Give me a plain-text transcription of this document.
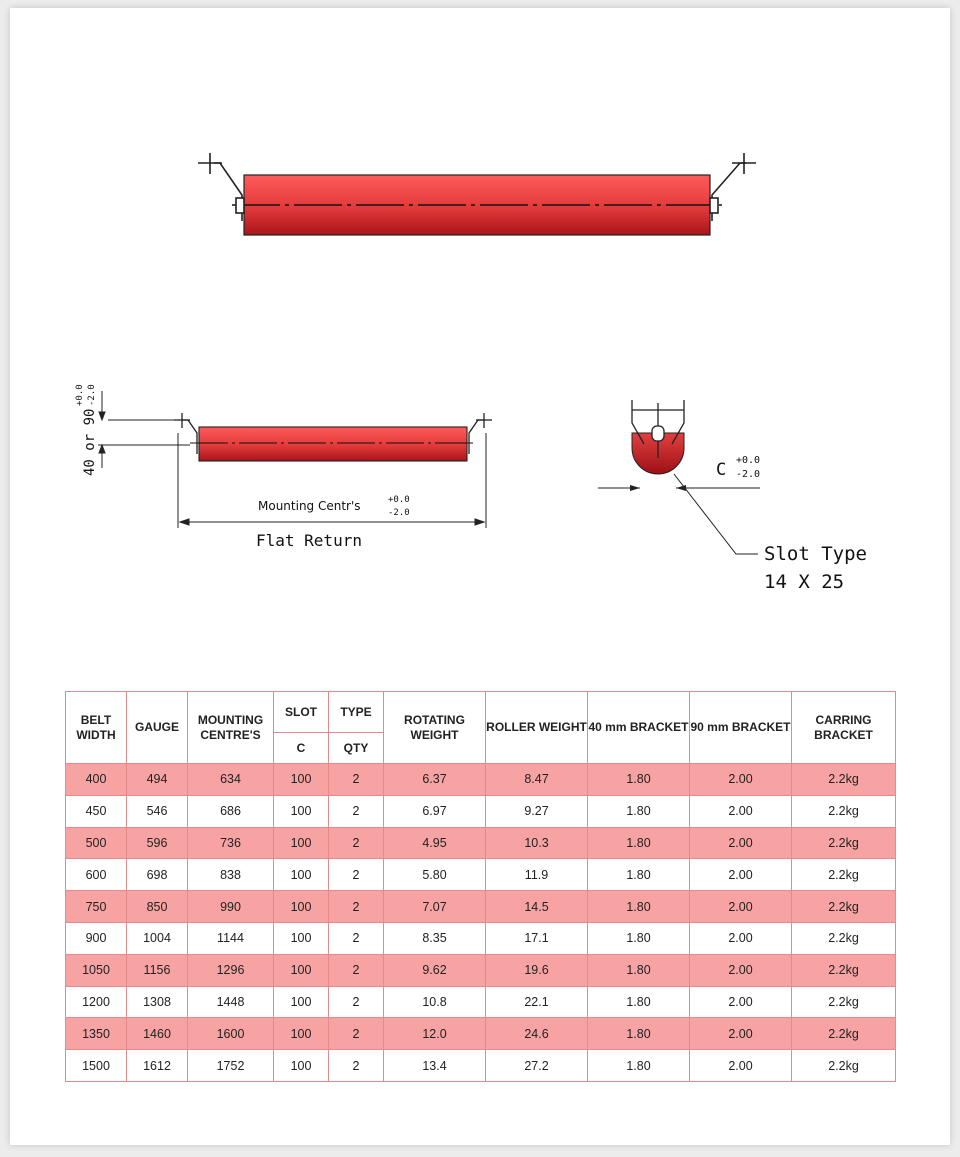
40 or 90
+0.0 -2.0
Mounting Centr's	+0.0
-2.0
Flat Return
C +0.0
-2.0
Slot Type
14 X 25
BELT WIDTH	GAUGE	MOUNTING CENTRE'S	SLOT	TYPE	ROTATING WEIGHT	ROLLER WEIGHT	40 mm BRACKET	90 mm BRACKET	CARRING BRACKET
			C	QTY					
400	494	634	100	2	6.37	8.47	1.80	2.00	2.2kg
450	546	686	100	2	6.97	9.27	1.80	2.00	2.2kg
500	596	736	100	2	4.95	10.3	1.80	2.00	2.2kg
600	698	838	100	2	5.80	11.9	1.80	2.00	2.2kg
750	850	990	100	2	7.07	14.5	1.80	2.00	2.2kg
900	1004	1144	100	2	8.35	17.1	1.80	2.00	2.2kg
1050	1156	1296	100	2	9.62	19.6	1.80	2.00	2.2kg
1200	1308	1448	100	2	10.8	22.1	1.80	2.00	2.2kg
1350	1460	1600	100	2	12.0	24.6	1.80	2.00	2.2kg
1500	1612	1752	100	2	13.4	27.2	1.80	2.00	2.2kg
